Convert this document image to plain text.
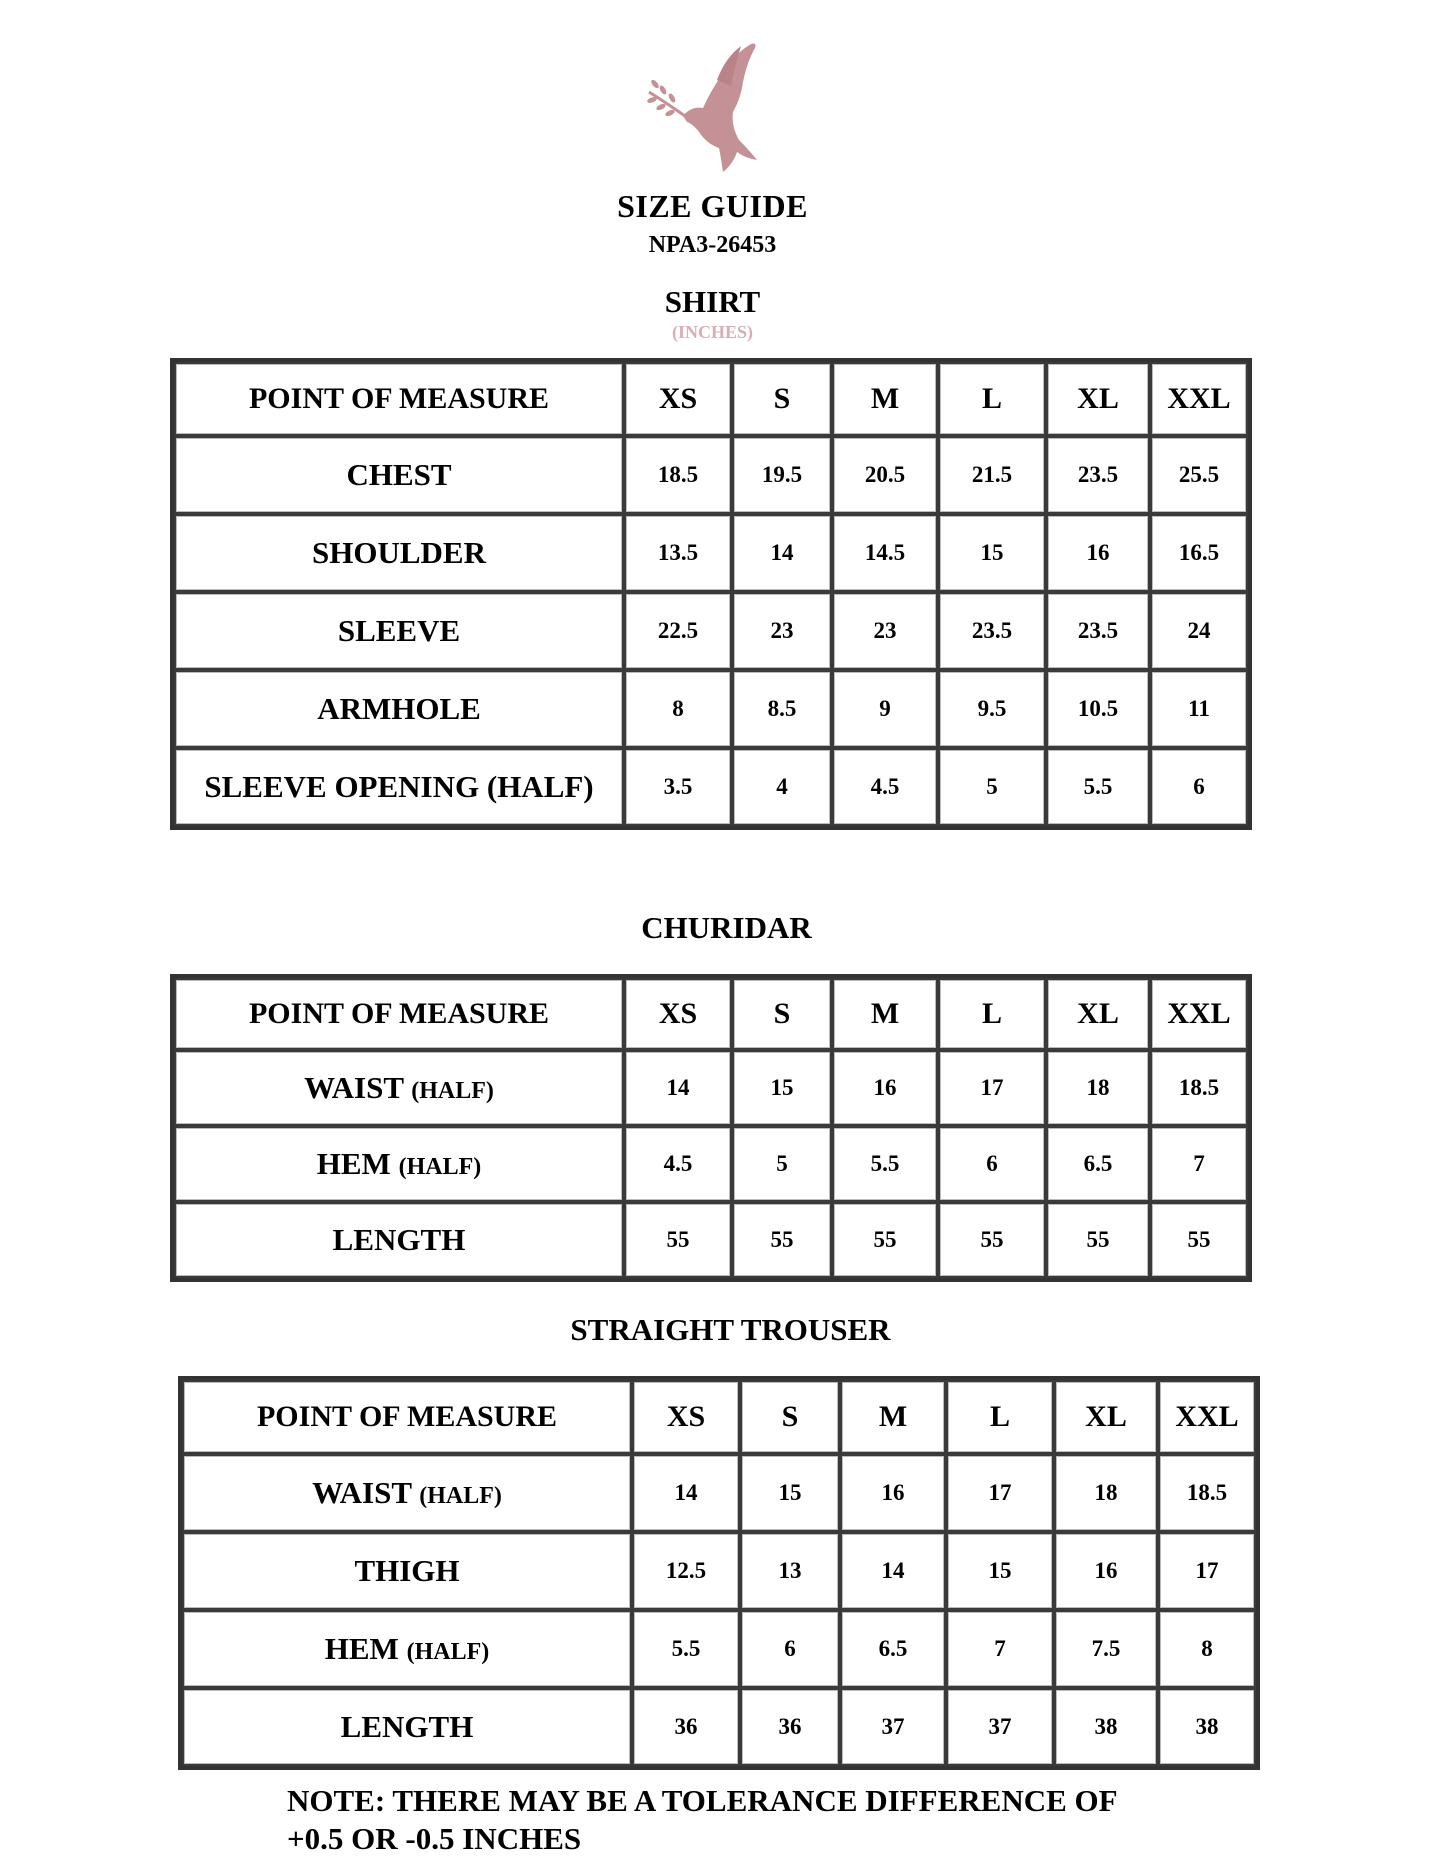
SIZE GUIDE
NPA3-26453
SHIRT
(INCHES)
POINT OF MEASURE	XS	S	M	L	XL	XXL
CHEST	18.5	19.5	20.5	21.5	23.5	25.5
SHOULDER	13.5	14	14.5	15	16	16.5
SLEEVE	22.5	23	23	23.5	23.5	24
ARMHOLE	8	8.5	9	9.5	10.5	11
SLEEVE OPENING (HALF)	3.5	4	4.5	5	5.5	6
CHURIDAR
POINT OF MEASURE	XS	S	M	L	XL	XXL
WAIST (HALF)	14	15	16	17	18	18.5
HEM (HALF)	4.5	5	5.5	6	6.5	7
LENGTH	55	55	55	55	55	55
STRAIGHT TROUSER
POINT OF MEASURE	XS	S	M	L	XL	XXL
WAIST (HALF)	14	15	16	17	18	18.5
THIGH	12.5	13	14	15	16	17
HEM (HALF)	5.5	6	6.5	7	7.5	8
LENGTH	36	36	37	37	38	38
NOTE: THERE MAY BE A TOLERANCE DIFFERENCE OF
+0.5 OR -0.5 INCHES
